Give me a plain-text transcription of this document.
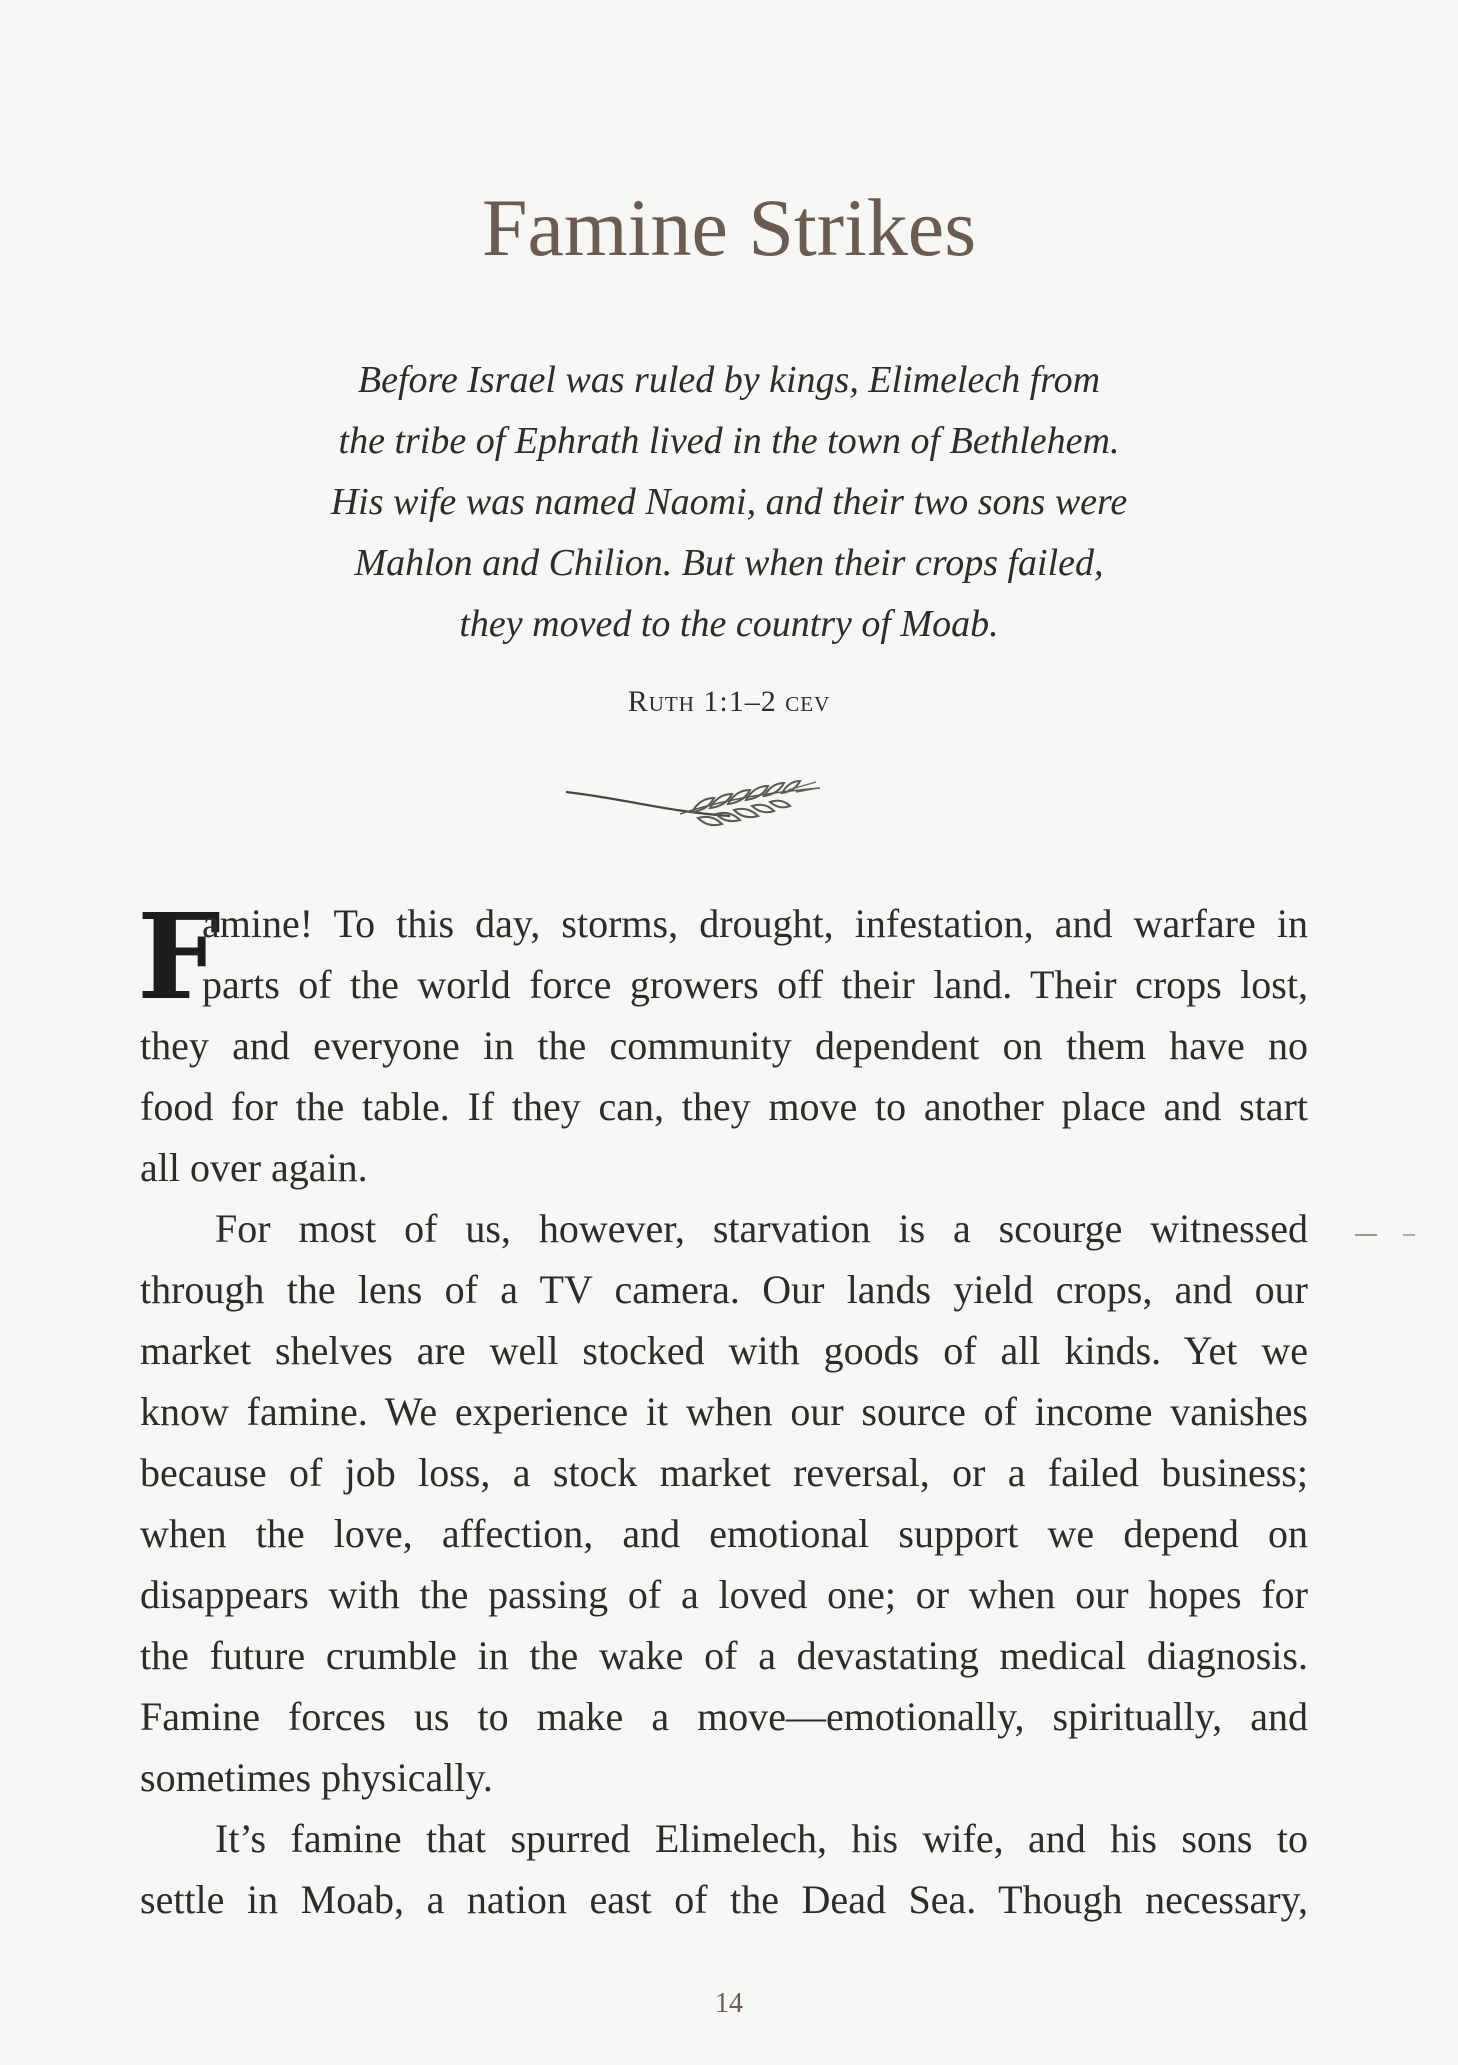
Famine Strikes

Before Israel was ruled by kings, Elimelech from
the tribe of Ephrath lived in the town of Bethlehem.
His wife was named Naomi, and their two sons were
Mahlon and Chilion. But when their crops failed,
they moved to the country of Moab.

Ruth 1:1–2 cev
F
amine! To this day, storms, drought, infestation, and warfare in
parts of the world force growers off their land. Their crops lost,
they and everyone in the community dependent on them have no
food for the table. If they can, they move to another place and start
all over again.
For most of us, however, starvation is a scourge witnessed
through the lens of a TV camera. Our lands yield crops, and our
market shelves are well stocked with goods of all kinds. Yet we
know famine. We experience it when our source of income vanishes
because of job loss, a stock market reversal, or a failed business;
when the love, affection, and emotional support we depend on
disappears with the passing of a loved one; or when our hopes for
the future crumble in the wake of a devastating medical diagnosis.
Famine forces us to make a move—emotionally, spiritually, and
sometimes physically.
It’s famine that spurred Elimelech, his wife, and his sons to
settle in Moab, a nation east of the Dead Sea. Though necessary,
14
